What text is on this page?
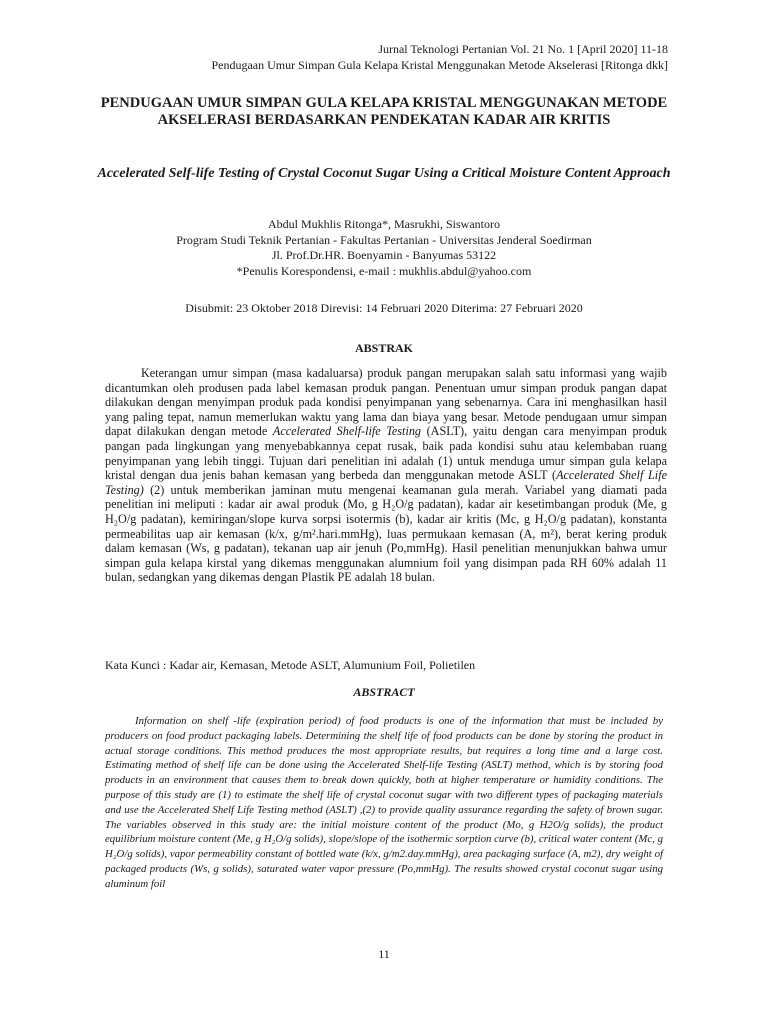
Jurnal Teknologi Pertanian Vol. 21 No. 1 [April 2020] 11-18
Pendugaan Umur Simpan Gula Kelapa Kristal Menggunakan Metode Akselerasi [Ritonga dkk]
PENDUGAAN UMUR SIMPAN GULA KELAPA KRISTAL MENGGUNAKAN METODE AKSELERASI BERDASARKAN PENDEKATAN KADAR AIR KRITIS
Accelerated Self-life Testing of Crystal Coconut Sugar Using a Critical Moisture Content Approach
Abdul Mukhlis Ritonga*, Masrukhi, Siswantoro
Program Studi Teknik Pertanian - Fakultas Pertanian - Universitas Jenderal Soedirman
Jl. Prof.Dr.HR. Boenyamin - Banyumas 53122
*Penulis Korespondensi, e-mail : mukhlis.abdul@yahoo.com
Disubmit: 23 Oktober 2018 Direvisi: 14 Februari 2020 Diterima: 27 Februari 2020
ABSTRAK
Keterangan umur simpan (masa kadaluarsa) produk pangan merupakan salah satu informasi yang wajib dicantumkan oleh produsen pada label kemasan produk pangan. Penentuan umur simpan produk pangan dapat dilakukan dengan menyimpan produk pada kondisi penyimpanan yang sebenarnya. Cara ini menghasilkan hasil yang paling tepat, namun memerlukan waktu yang lama dan biaya yang besar. Metode pendugaan umur simpan dapat dilakukan dengan metode Accelerated Shelf-life Testing (ASLT), yaitu dengan cara menyimpan produk pangan pada lingkungan yang menyebabkannya cepat rusak, baik pada kondisi suhu atau kelembaban ruang penyimpanan yang lebih tinggi. Tujuan dari penelitian ini adalah (1) untuk menduga umur simpan gula kelapa kristal dengan dua jenis bahan kemasan yang berbeda dan menggunakan metode ASLT (Accelerated Shelf Life Testing) (2) untuk memberikan jaminan mutu mengenai keamanan gula merah. Variabel yang diamati pada penelitian ini meliputi : kadar air awal produk (Mo, g H₂O/g padatan), kadar air kesetimbangan produk (Me, g H₂O/g padatan), kemiringan/slope kurva sorpsi isotermis (b), kadar air kritis (Mc, g H₂O/g padatan), konstanta permeabilitas uap air kemasan (k/x, g/m².hari.mmHg), luas permukaan kemasan (A, m²), berat kering produk dalam kemasan (Ws, g padatan), tekanan uap air jenuh (Po,mmHg). Hasil penelitian menunjukkan bahwa umur simpan gula kelapa kirstal yang dikemas menggunakan alumnium foil yang disimpan pada RH 60% adalah 11 bulan, sedangkan yang dikemas dengan Plastik PE adalah 18 bulan.
Kata Kunci : Kadar air, Kemasan, Metode ASLT, Alumunium Foil, Polietilen
ABSTRACT
Information on shelf -life (expiration period) of food products is one of the information that must be included by producers on food product packaging labels. Determining the shelf life of food products can be done by storing the product in actual storage conditions. This method produces the most appropriate results, but requires a long time and a large cost. Estimating method of shelf life can be done using the Accelerated Shelf-life Testing (ASLT) method, which is by storing food products in an environment that causes them to break down quickly, both at higher temperature or humidity conditions. The purpose of this study are (1) to estimate the shelf life of crystal coconut sugar with two different types of packaging materials and use the Accelerated Shelf Life Testing method (ASLT) ,(2) to provide quality assurance regarding the safety of brown sugar. The variables observed in this study are: the initial moisture content of the product (Mo, g H2O/g solids), the product equilibrium moisture content (Me, g H₂O/g solids), slope/slope of the isothermic sorption curve (b), critical water content (Mc, g H₂O/g solids), vapor permeability constant of bottled wate (k/x, g/m2.day.mmHg), area packaging surface (A, m2), dry weight of packaged products (Ws, g solids), saturated water vapor pressure (Po,mmHg). The results showed crystal coconut sugar using aluminum foil
11
